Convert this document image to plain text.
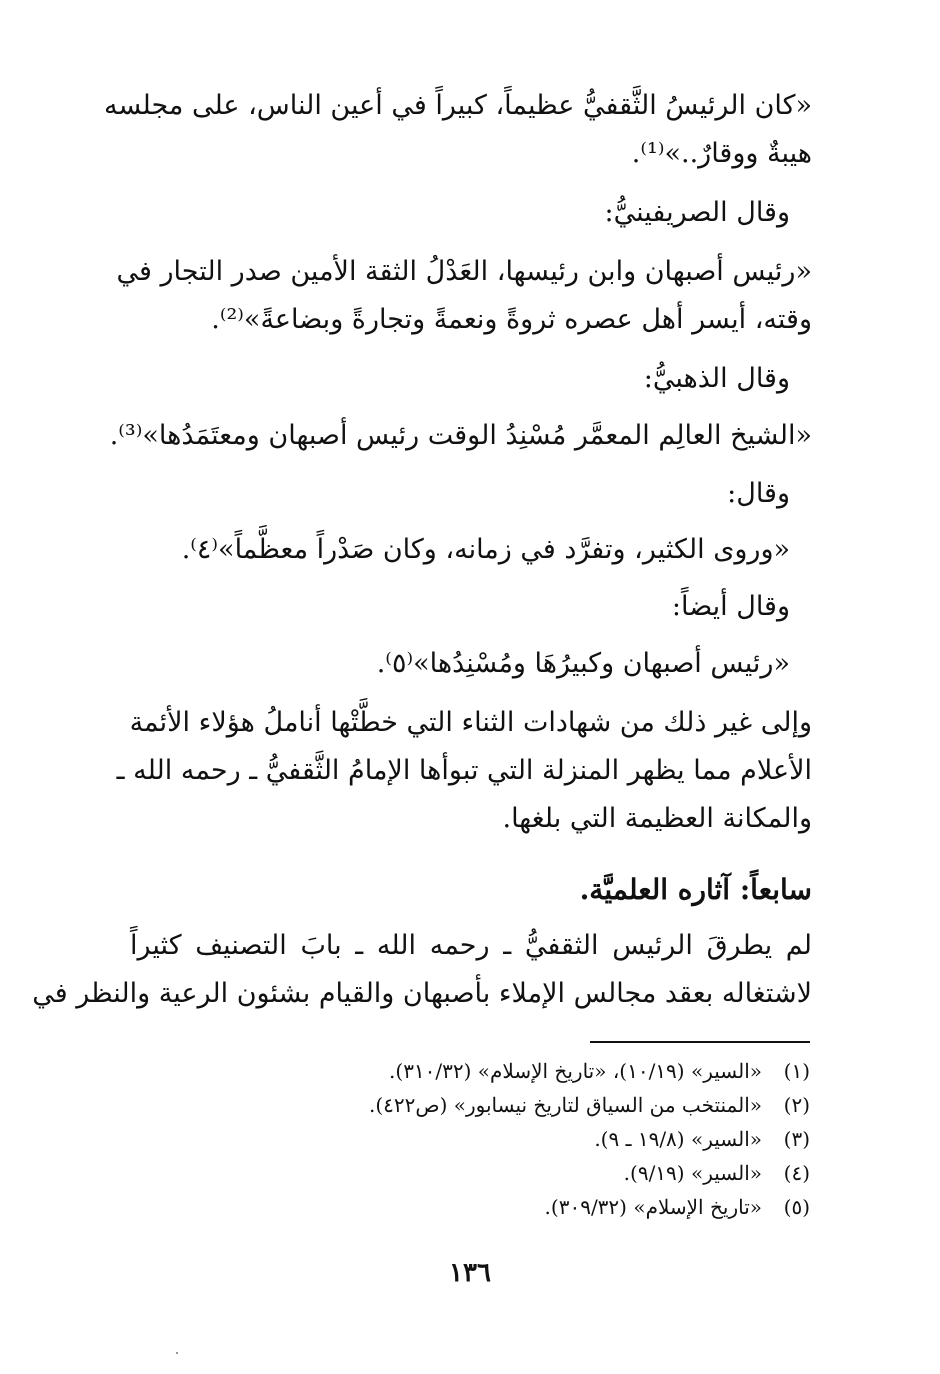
«كان الرئيسُ الثَّقفيُّ عظيماً، كبيراً في أعين الناس، على مجلسه
هيبةٌ ووقارٌ..»⁽¹⁾.
وقال الصريفينيُّ:
«رئيس أصبهان وابن رئيسها، العَدْلُ الثقة الأمين صدر التجار في
وقته، أيسر أهل عصره ثروةً ونعمةً وتجارةً وبضاعةً»⁽²⁾.
وقال الذهبيُّ:
«الشيخ العالِم المعمَّر مُسْنِدُ الوقت رئيس أصبهان ومعتَمَدُها»⁽³⁾.
وقال:
«وروى الكثير، وتفرَّد في زمانه، وكان صَدْراً معظَّماً»⁽٤⁾.
وقال أيضاً:
«رئيس أصبهان وكبيرُهَا ومُسْنِدُها»⁽٥⁾.
وإلى غير ذلك من شهادات الثناء التي خطَّتْها أناملُ هؤلاء الأئمة
الأعلام مما يظهر المنزلة التي تبوأها الإمامُ الثَّقفيُّ ـ رحمه الله ـ
والمكانة العظيمة التي بلغها.
سابعاً: آثاره العلميَّة.
لم يطرقَ الرئيس الثقفيُّ ـ رحمه الله ـ بابَ التصنيف كثيراً
لاشتغاله بعقد مجالس الإملاء بأصبهان والقيام بشئون الرعية والنظر في
(١)«السير» (١٠/١٩)، «تاريخ الإسلام» (٣١٠/٣٢).
(٢)«المنتخب من السياق لتاريخ نيسابور» (ص٤٢٢).
(٣)«السير» (١٩/٨ ـ ٩).
(٤)«السير» (٩/١٩).
(٥)«تاريخ الإسلام» (٣٠٩/٣٢).
١٣٦
